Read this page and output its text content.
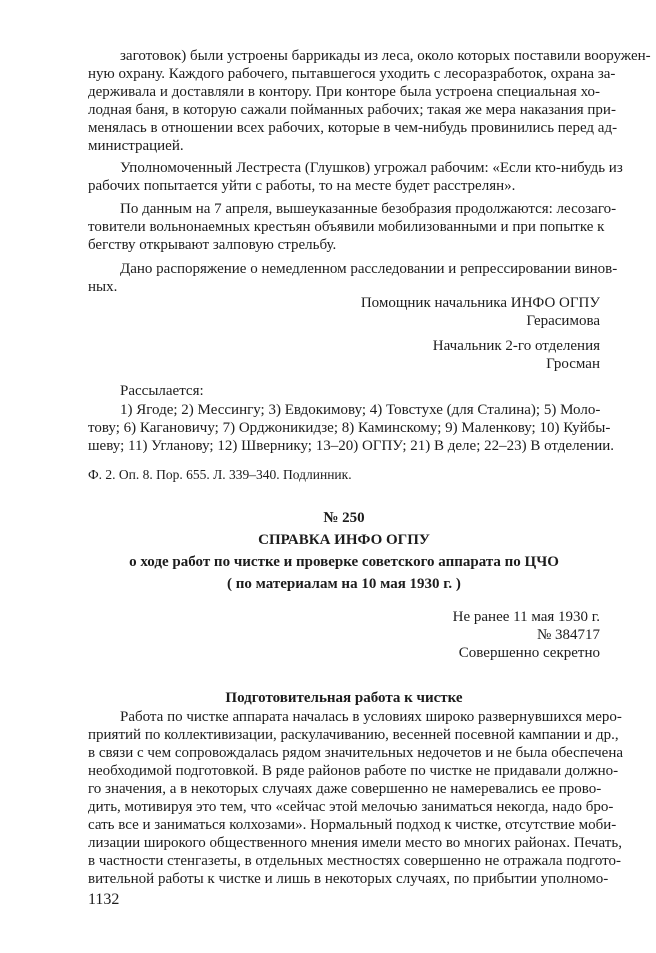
заготовок) были устроены баррикады из леса, около которых поставили вооружен-
ную охрану. Каждого рабочего, пытавшегося уходить с лесоразработок, охрана за-
держивала и доставляли в контору. При конторе была устроена специальная хо-
лодная баня, в которую сажали пойманных рабочих; такая же мера наказания при-
менялась в отношении всех рабочих, которые в чем-нибудь провинились перед ад-
министрацией.
Уполномоченный Лестреста (Глушков) угрожал рабочим: «Если кто-нибудь из
рабочих попытается уйти с работы, то на месте будет расстрелян».
По данным на 7 апреля, вышеуказанные безобразия продолжаются: лесозаго-
товители вольнонаемных крестьян объявили мобилизованными и при попытке к
бегству открывают залповую стрельбу.
Дано распоряжение о немедленном расследовании и репрессировании винов-
ных.
Помощник начальника ИНФО ОГПУ
Герасимова
Начальник 2-го отделения
Гросман
Рассылается:
1) Ягоде; 2) Мессингу; 3) Евдокимову; 4) Товстухе (для Сталина); 5) Моло-
тову; 6) Кагановичу; 7) Орджоникидзе; 8) Каминскому; 9) Маленкову; 10) Куйбы-
шеву; 11) Угланову; 12) Швернику; 13–20) ОГПУ; 21) В деле; 22–23) В отделении.
Ф. 2. Оп. 8. Пор. 655. Л. 339–340. Подлинник.
№ 250
СПРАВКА ИНФО ОГПУ
о ходе работ по чистке и проверке советского аппарата по ЦЧО
( по материалам на 10 мая 1930 г. )
Не ранее 11 мая 1930 г.
№ 384717
Совершенно секретно
Подготовительная работа к чистке
Работа по чистке аппарата началась в условиях широко развернувшихся меро-
приятий по коллективизации, раскулачиванию, весенней посевной кампании и др.,
в связи с чем сопровождалась рядом значительных недочетов и не была обеспечена
необходимой подготовкой. В ряде районов работе по чистке не придавали должно-
го значения, а в некоторых случаях даже совершенно не намеревались ее прово-
дить, мотивируя это тем, что «сейчас этой мелочью заниматься некогда, надо бро-
сать все и заниматься колхозами». Нормальный подход к чистке, отсутствие моби-
лизации широкого общественного мнения имели место во многих районах. Печать,
в частности стенгазеты, в отдельных местностях совершенно не отражала подгото-
вительной работы к чистке и лишь в некоторых случаях, по прибытии уполномо-
1132
